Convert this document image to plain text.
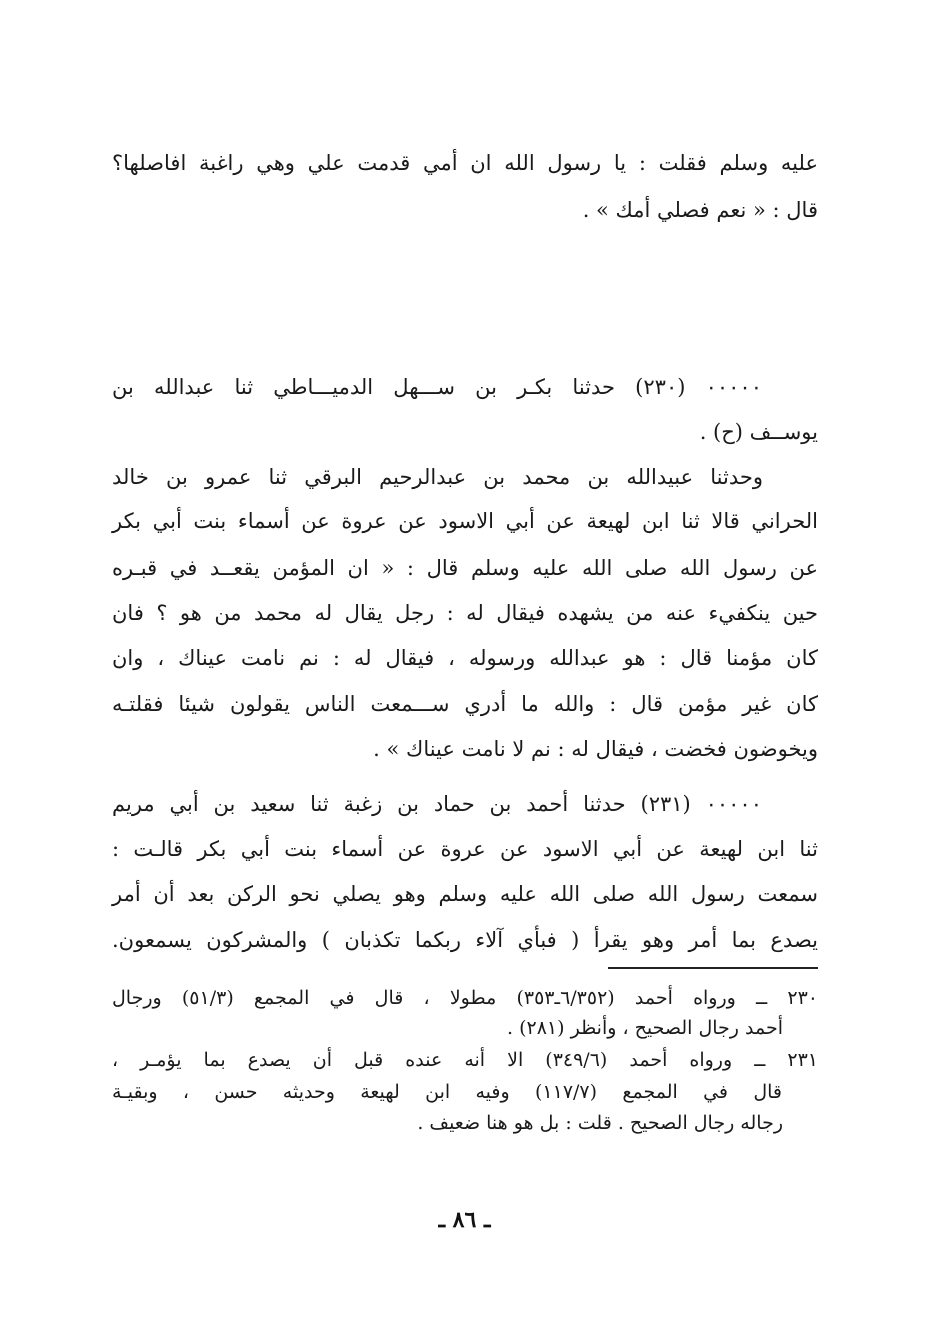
عليه وسلم فقلت : يا رسول الله ان أمي قدمت علي وهي راغبة افاصلها؟
قال : « نعم فصلي أمك » .
٠٠٠٠٠ (٢٣٠) حدثنا بكـر بن ســـهل الدميـــاطي ثنا عبدالله بن
يوســف (ح) .
وحدثنا عبيدالله بن محمد بن عبدالرحيم البرقي ثنا عمرو بن خالد
الحراني قالا ثنا ابن لهيعة عن أبي الاسود عن عروة عن أسماء بنت أبي بكر
عن رسول الله صلى الله عليه وسلم قال : « ان المؤمن يقعــد في قبـره
حين ينكفيء عنه من يشهده فيقال له : رجل يقال له محمد من هو ؟ فان
كان مؤمنا قال : هو عبدالله ورسوله ، فيقال له : نم نامت عيناك ، وان
كان غير مؤمن قال : والله ما أدري ســـمعت الناس يقولون شيئا فقلتـه
ويخوضون فخضت ، فيقال له : نم لا نامت عيناك » .
٠٠٠٠٠ (٢٣١) حدثنا أحمد بن حماد بن زغبة ثنا سعيد بن أبي مريم
ثنا ابن لهيعة عن أبي الاسود عن عروة عن أسماء بنت أبي بكر قالـت :
سمعت رسول الله صلى الله عليه وسلم وهو يصلي نحو الركن بعد أن أمر
يصدع بما أمر وهو يقرأ ( فبأي آلاء ربكما تكذبان ) والمشركون يسمعون.
٢٣٠ ــ ورواه أحمد (٦/٣٥٢ـ٣٥٣) مطولا ، قال في المجمع (٥١/٣) ورجال
أحمد رجال الصحيح ، وأنظر (٢٨١) .
٢٣١ ــ ورواه أحمد (٣٤٩/٦) الا أنه عنده قبل أن يصدع بما يؤمـر ،
قال في المجمع (١١٧/٧) وفيه ابن لهيعة وحديثه حسن ، وبقيـة
رجاله رجال الصحيح . قلت : بل هو هنا ضعيف .
ـ ٨٦ ـ
